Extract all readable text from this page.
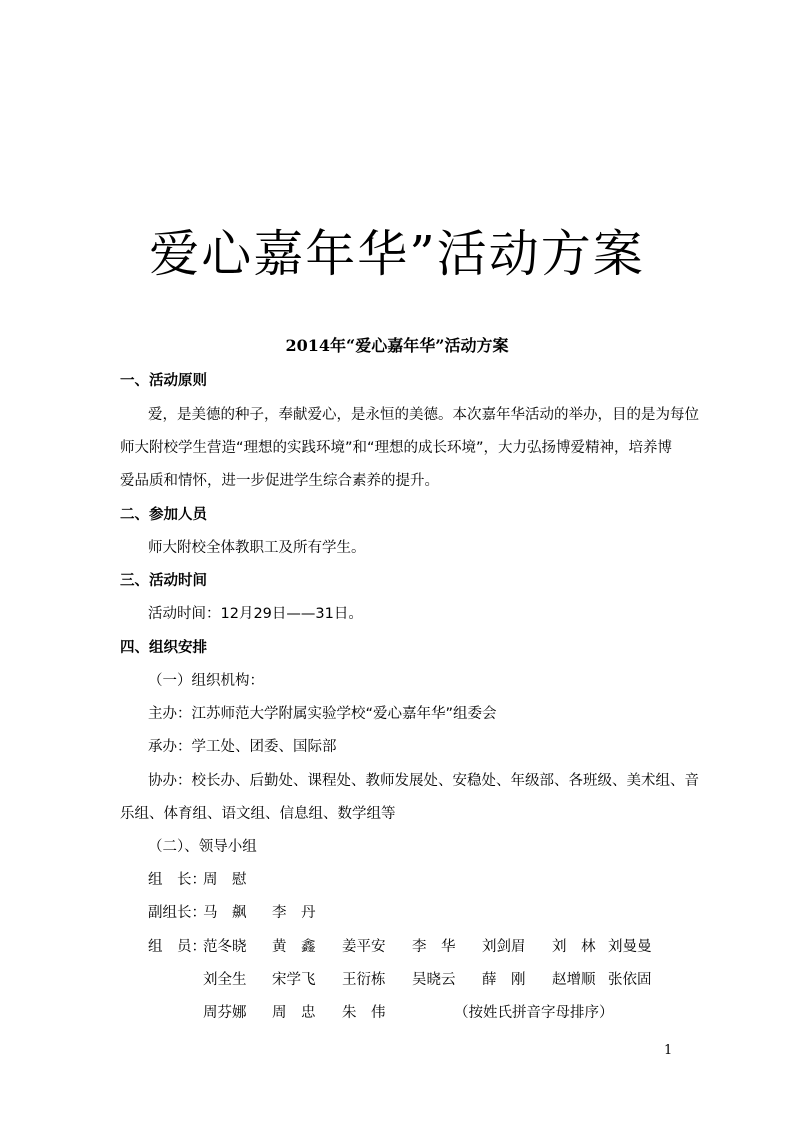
爱心嘉年华”活动方案
2014年“爱心嘉年华”活动方案
一、活动原则
爱，是美德的种子，奉献爱心，是永恒的美德。本次嘉年华活动的举办，目的是为每位
师大附校学生营造“理想的实践环境”和“理想的成长环境”，大力弘扬博爱精神，培养博
爱品质和情怀，进一步促进学生综合素养的提升。
二、参加人员
师大附校全体教职工及所有学生。
三、活动时间
活动时间：12月29日——31日。
四、组织安排
（一）组织机构：
主办：江苏师范大学附属实验学校“爱心嘉年华”组委会
承办：学工处、团委、国际部
协办：校长办、后勤处、课程处、教师发展处、安稳处、年级部、各班级、美术组、音
乐组、体育组、语文组、信息组、数学组等
（二）、领导小组
组　长：
周　慰
副组长：
马　飙 李　丹
组　员：
范冬晓 黄　鑫 姜平安 李　华 刘剑眉 刘　林 刘曼曼
刘全生 宋学飞 王衍栋 吴晓云 薛　刚 赵增顺 张依固
周芬娜 周　忠 朱　伟	（按姓氏拼音字母排序）
1
